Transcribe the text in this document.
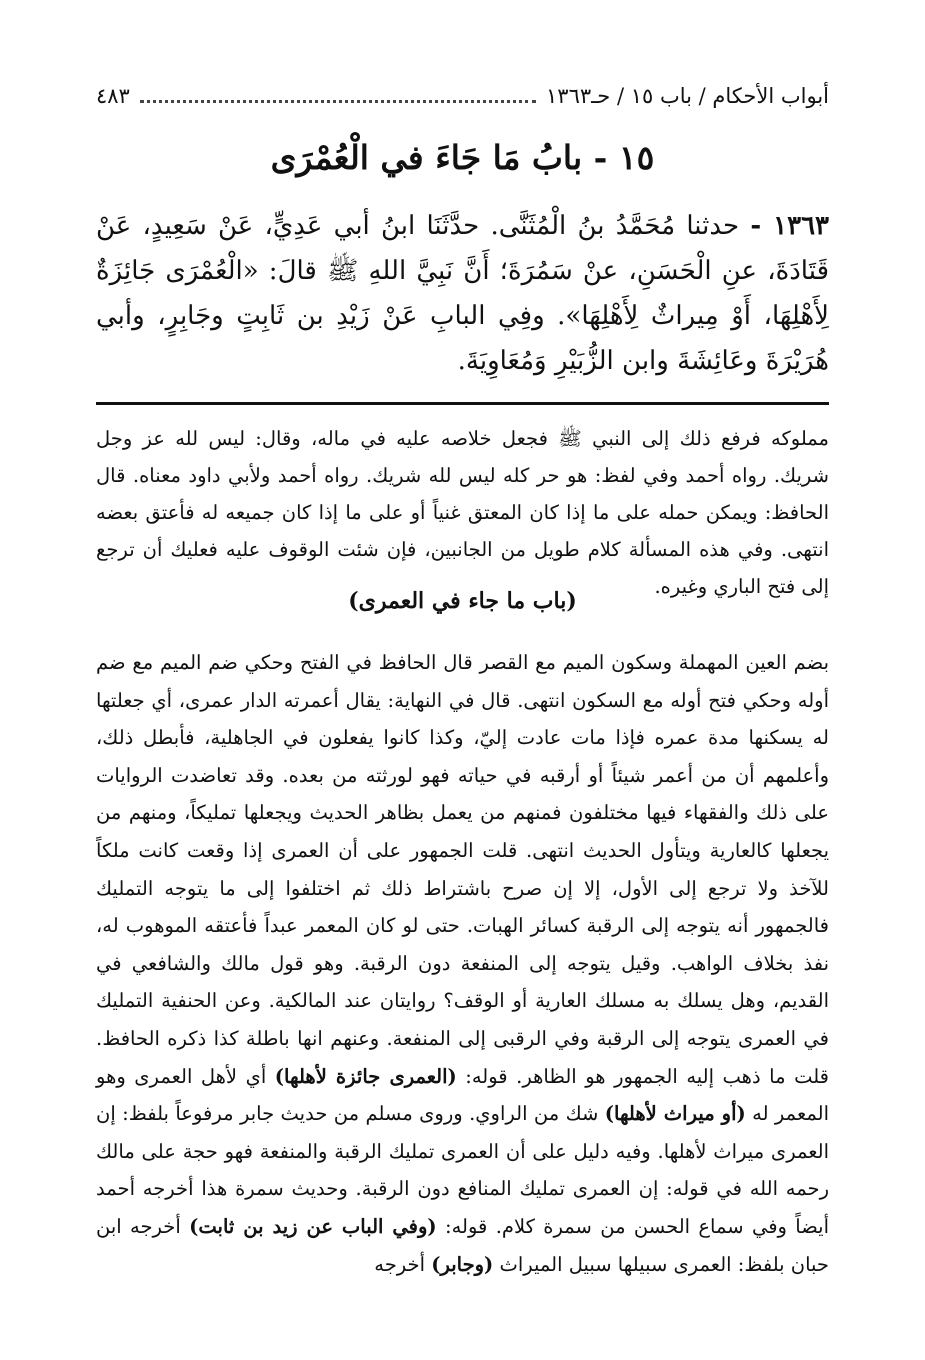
أبواب الأحكام / باب ١٥ / حـ١٣٦٣
٤٨٣
١٥ - بابُ مَا جَاءَ في الْعُمْرَى
١٣٦٣ - حدثنا مُحَمَّدُ بنُ الْمُثَنَّى. حدَّثَنَا ابنُ أبي عَدِيٍّ، عَنْ سَعِيدٍ، عَنْ قَتَادَةَ، عنِ الْحَسَنِ، عنْ سَمُرَةَ؛ أَنَّ نَبِيَّ اللهِ ﷺ قالَ: «الْعُمْرَى جَائِزَةٌ لِأَهْلِهَا، أَوْ مِيراثٌ لِأَهْلِهَا». وفِي البابِ عَنْ زَيْدِ بن ثَابِتٍ وجَابِرٍ، وأبي هُرَيْرَةَ وعَائِشَةَ وابن الزُّبَيْرِ وَمُعَاوِيَةَ.
مملوكه فرفع ذلك إلى النبي ﷺ فجعل خلاصه عليه في ماله، وقال: ليس لله عز وجل شريك. رواه أحمد وفي لفظ: هو حر كله ليس لله شريك. رواه أحمد ولأبي داود معناه. قال الحافظ: ويمكن حمله على ما إذا كان المعتق غنياً أو على ما إذا كان جميعه له فأعتق بعضه انتهى. وفي هذه المسألة كلام طويل من الجانبين، فإن شئت الوقوف عليه فعليك أن ترجع إلى فتح الباري وغيره.
(باب ما جاء في العمرى)

بضم العين المهملة وسكون الميم مع القصر قال الحافظ في الفتح وحكي ضم الميم مع ضم أوله وحكي فتح أوله مع السكون انتهى. قال في النهاية: يقال أعمرته الدار عمرى، أي جعلتها له يسكنها مدة عمره فإذا مات عادت إليّ، وكذا كانوا يفعلون في الجاهلية، فأبطل ذلك، وأعلمهم أن من أعمر شيئاً أو أرقبه في حياته فهو لورثته من بعده. وقد تعاضدت الروايات على ذلك والفقهاء فيها مختلفون فمنهم من يعمل بظاهر الحديث ويجعلها تمليكاً، ومنهم من يجعلها كالعارية ويتأول الحديث انتهى. قلت الجمهور على أن العمرى إذا وقعت كانت ملكاً للآخذ ولا ترجع إلى الأول، إلا إن صرح باشتراط ذلك ثم اختلفوا إلى ما يتوجه التمليك فالجمهور أنه يتوجه إلى الرقبة كسائر الهبات. حتى لو كان المعمر عبداً فأعتقه الموهوب له، نفذ بخلاف الواهب. وقيل يتوجه إلى المنفعة دون الرقبة. وهو قول مالك والشافعي في القديم، وهل يسلك به مسلك العارية أو الوقف؟ روايتان عند المالكية. وعن الحنفية التمليك في العمرى يتوجه إلى الرقبة وفي الرقبى إلى المنفعة. وعنهم انها باطلة كذا ذكره الحافظ. قلت ما ذهب إليه الجمهور هو الظاهر. قوله: (العمرى جائزة لأهلها) أي لأهل العمرى وهو المعمر له (أو ميراث لأهلها) شك من الراوي. وروى مسلم من حديث جابر مرفوعاً بلفظ: إن العمرى ميراث لأهلها. وفيه دليل على أن العمرى تمليك الرقبة والمنفعة فهو حجة على مالك رحمه الله في قوله: إن العمرى تمليك المنافع دون الرقبة. وحديث سمرة هذا أخرجه أحمد أيضاً وفي سماع الحسن من سمرة كلام. قوله: (وفي الباب عن زيد بن ثابت) أخرجه ابن حبان بلفظ: العمرى سبيلها سبيل الميراث (وجابر) أخرجه
